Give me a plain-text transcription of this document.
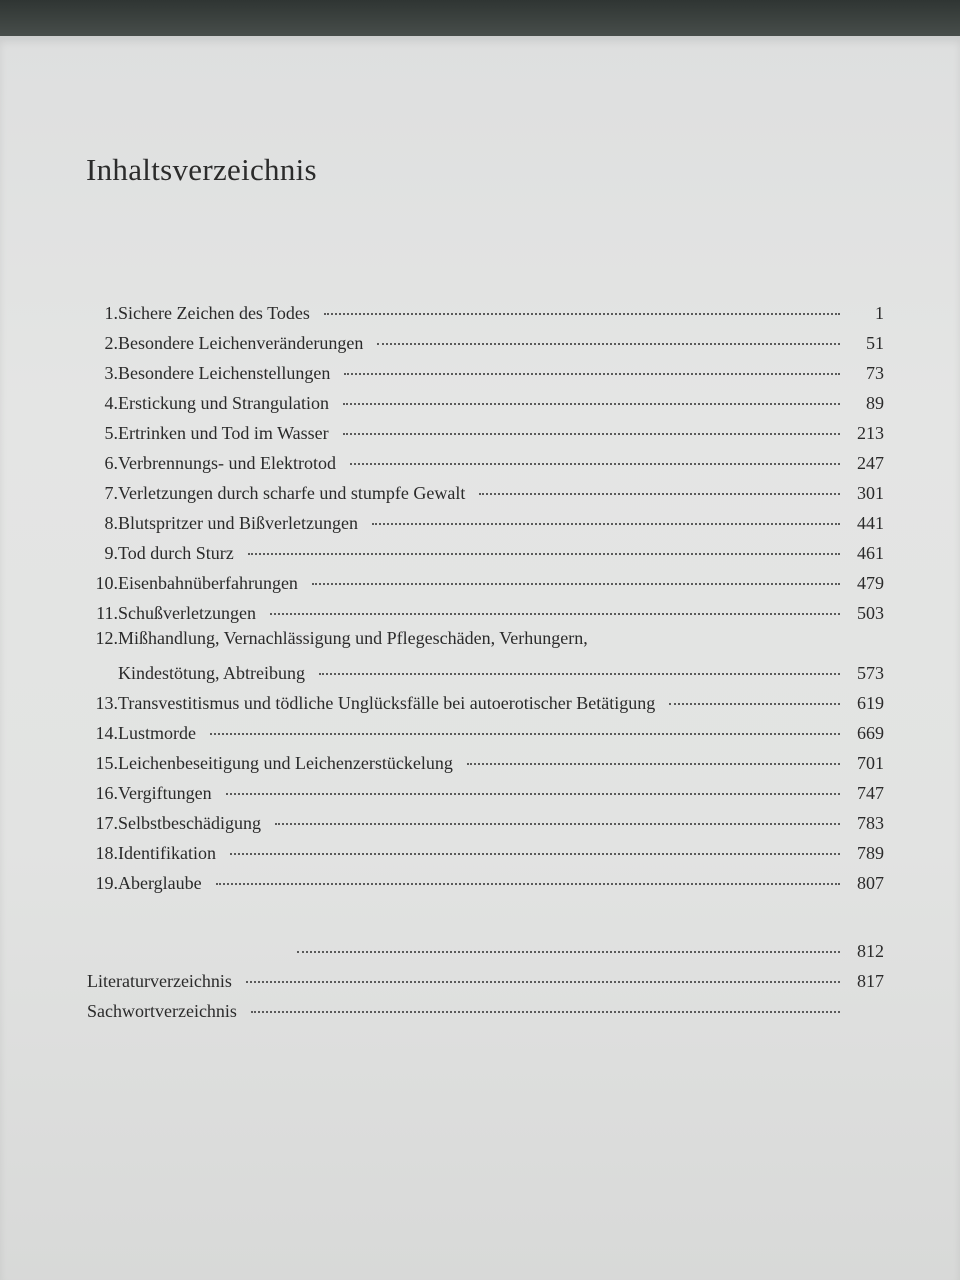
Inhaltsverzeichnis
1. Sichere Zeichen des Todes	1
2. Besondere Leichenveränderungen	51
3. Besondere Leichenstellungen	73
4. Erstickung und Strangulation	89
5. Ertrinken und Tod im Wasser	213
6. Verbrennungs- und Elektrotod	247
7. Verletzungen durch scharfe und stumpfe Gewalt	301
8. Blutspritzer und Bißverletzungen	441
9. Tod durch Sturz	461
10. Eisenbahnüberfahrungen	479
11. Schußverletzungen	503
Mißhandlung, Vernachlässigung und Pflegeschäden, Verhungern,
12.
Kindestötung, Abtreibung	573
13. Transvestitismus und tödliche Unglücksfälle bei autoerotischer Betätigung	619
14. Lustmorde	669
15. Leichenbeseitigung und Leichenzerstückelung	701
16. Vergiftungen	747
17. Selbstbeschädigung	783
18. Identifikation	789
19. Aberglaube	807
812
Literaturverzeichnis	817
Sachwortverzeichnis
